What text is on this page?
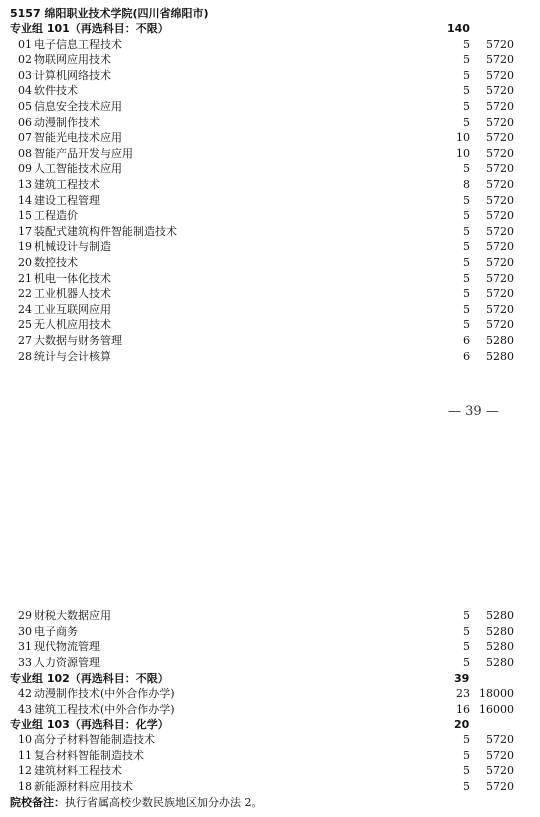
5157 绵阳职业技术学院(四川省绵阳市)
专业组 101（再选科目：不限）	140
01 电子信息工程技术	5	5720
02 物联网应用技术	5	5720
03 计算机网络技术	5	5720
04 软件技术	5	5720
05 信息安全技术应用	5	5720
06 动漫制作技术	5	5720
07 智能光电技术应用	10	5720
08 智能产品开发与应用	10	5720
09 人工智能技术应用	5	5720
13 建筑工程技术	8	5720
14 建设工程管理	5	5720
15 工程造价	5	5720
17 装配式建筑构件智能制造技术	5	5720
19 机械设计与制造	5	5720
20 数控技术	5	5720
21 机电一体化技术	5	5720
22 工业机器人技术	5	5720
24 工业互联网应用	5	5720
25 无人机应用技术	5	5720
27 大数据与财务管理	6	5280
28 统计与会计核算	6	5280
— 39 —
29 财税大数据应用	5	5280
30 电子商务	5	5280
31 现代物流管理	5	5280
33 人力资源管理	5	5280
专业组 102（再选科目：不限）	39
42 动漫制作技术(中外合作办学)	23 18000
43 建筑工程技术(中外合作办学)	16 16000
专业组 103（再选科目：化学）	20
10 高分子材料智能制造技术	5	5720
11 复合材料智能制造技术	5	5720
12 建筑材料工程技术	5	5720
18 新能源材料应用技术	5	5720
院校备注：执行省属高校少数民族地区加分办法 2。
